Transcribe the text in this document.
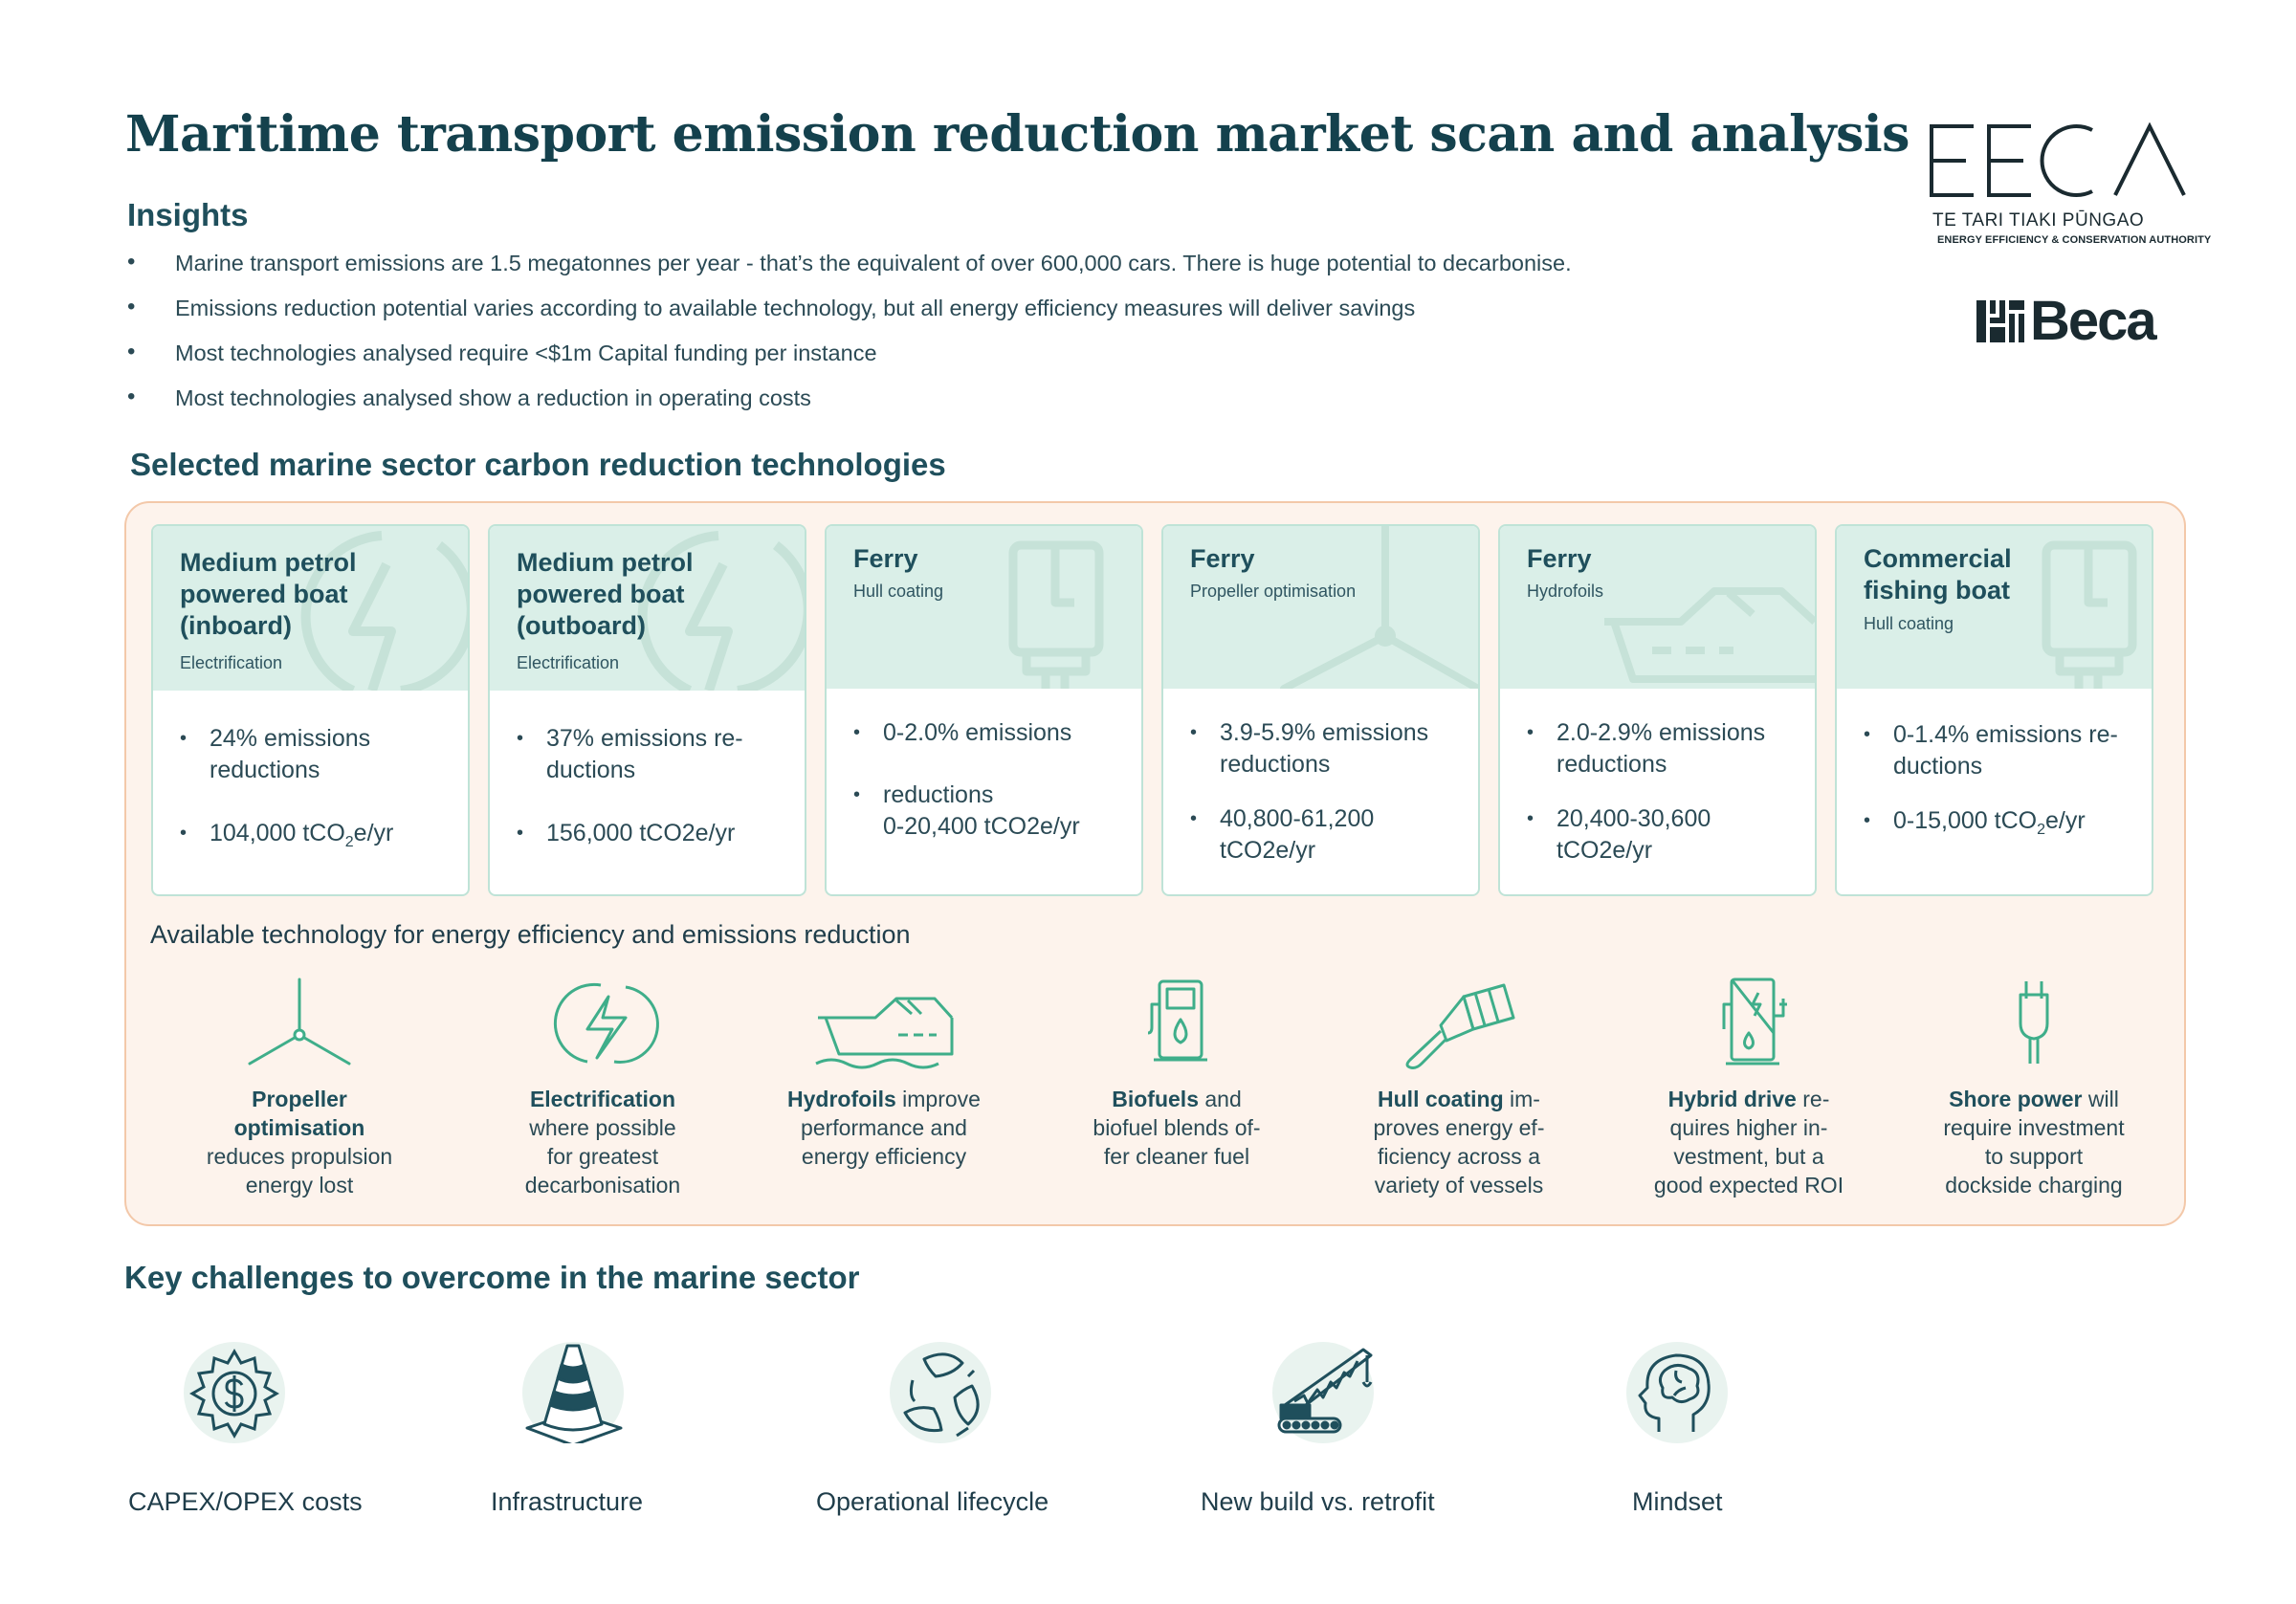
Maritime transport emission reduction market scan and analysis
Insights
• Marine transport emissions are 1.5 megatonnes per year - that’s the equivalent of over 600,000 cars. There is huge potential to decarbonise.
• Emissions reduction potential varies according to available technology, but all energy efficiency measures will deliver savings
• Most technologies analysed require <$1m Capital funding per instance
• Most technologies analysed show a reduction in operating costs
TE TARI TIAKI PŪNGAO
ENERGY EFFICIENCY & CONSERVATION AUTHORITY
Beca
Selected marine sector carbon reduction technologies
Medium petrol
powered boat
(inboard)
Electrification
• 24% emissions
reductions
• 104,000 tCO$_2$e/yr
Medium petrol
powered boat
(outboard)
Electrification
• 37% emissions re-
ductions
• 156,000 tCO2e/yr
Ferry
Hull coating
• 0-2.0% emissions
• reductions
0-20,400 tCO2e/yr
Ferry
Propeller optimisation
• 3.9-5.9% emissions
reductions
• 40,800-61,200
tCO2e/yr
Ferry
Hydrofoils
• 2.0-2.9% emissions
reductions
• 20,400-30,600
tCO2e/yr
Commercial
fishing boat
Hull coating
• 0-1.4% emissions re-
ductions
• 0-15,000 tCO$_2$e/yr
Available technology for energy efficiency and emissions reduction
Propeller optimisation
reduces propulsion
energy lost
Electrification
where possible
for greatest
decarbonisation
Hydrofoils improve
performance and
energy efficiency
Biofuels and
biofuel blends of-
fer cleaner fuel
Hull coating im-
proves energy ef-
ficiency across a
variety of vessels
Hybrid drive re-
quires higher in-
vestment, but a
good expected ROI
Shore power will
require investment
to support
dockside charging
Key challenges to overcome in the marine sector
CAPEX/OPEX costs	Infrastructure	Operational lifecycle	New build vs. retrofit	Mindset
